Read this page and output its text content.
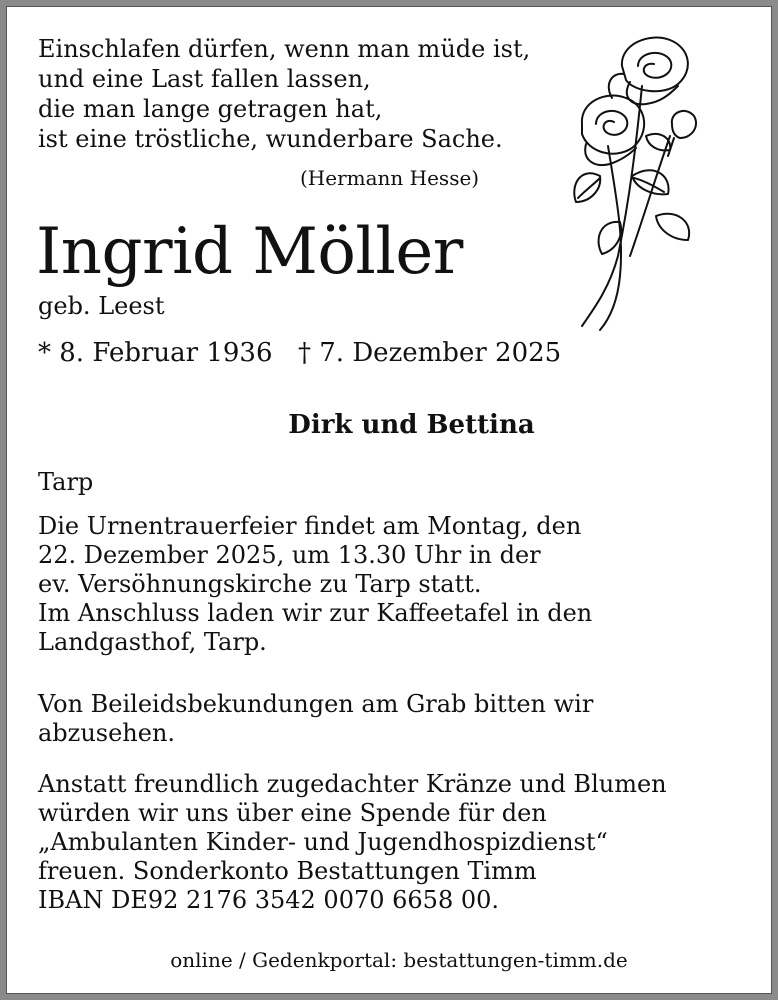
Einschlafen dürfen, wenn man müde ist,
und eine Last fallen lassen,
die man lange getragen hat,
ist eine tröstliche, wunderbare Sache.
(Hermann Hesse)
Ingrid Möller
geb. Leest
* 8. Februar 1936 † 7. Dezember 2025
Dirk und Bettina
Tarp
Die Urnentrauerfeier findet am Montag, den
22. Dezember 2025, um 13.30 Uhr in der
ev. Versöhnungskirche zu Tarp statt.
Im Anschluss laden wir zur Kaffeetafel in den
Landgasthof, Tarp.
Von Beileidsbekundungen am Grab bitten wir
abzusehen.
Anstatt freundlich zugedachter Kränze und Blumen
würden wir uns über eine Spende für den
„Ambulanten Kinder- und Jugendhospizdienst“
freuen. Sonderkonto Bestattungen Timm
IBAN DE92 2176 3542 0070 6658 00.
online / Gedenkportal: bestattungen-timm.de
